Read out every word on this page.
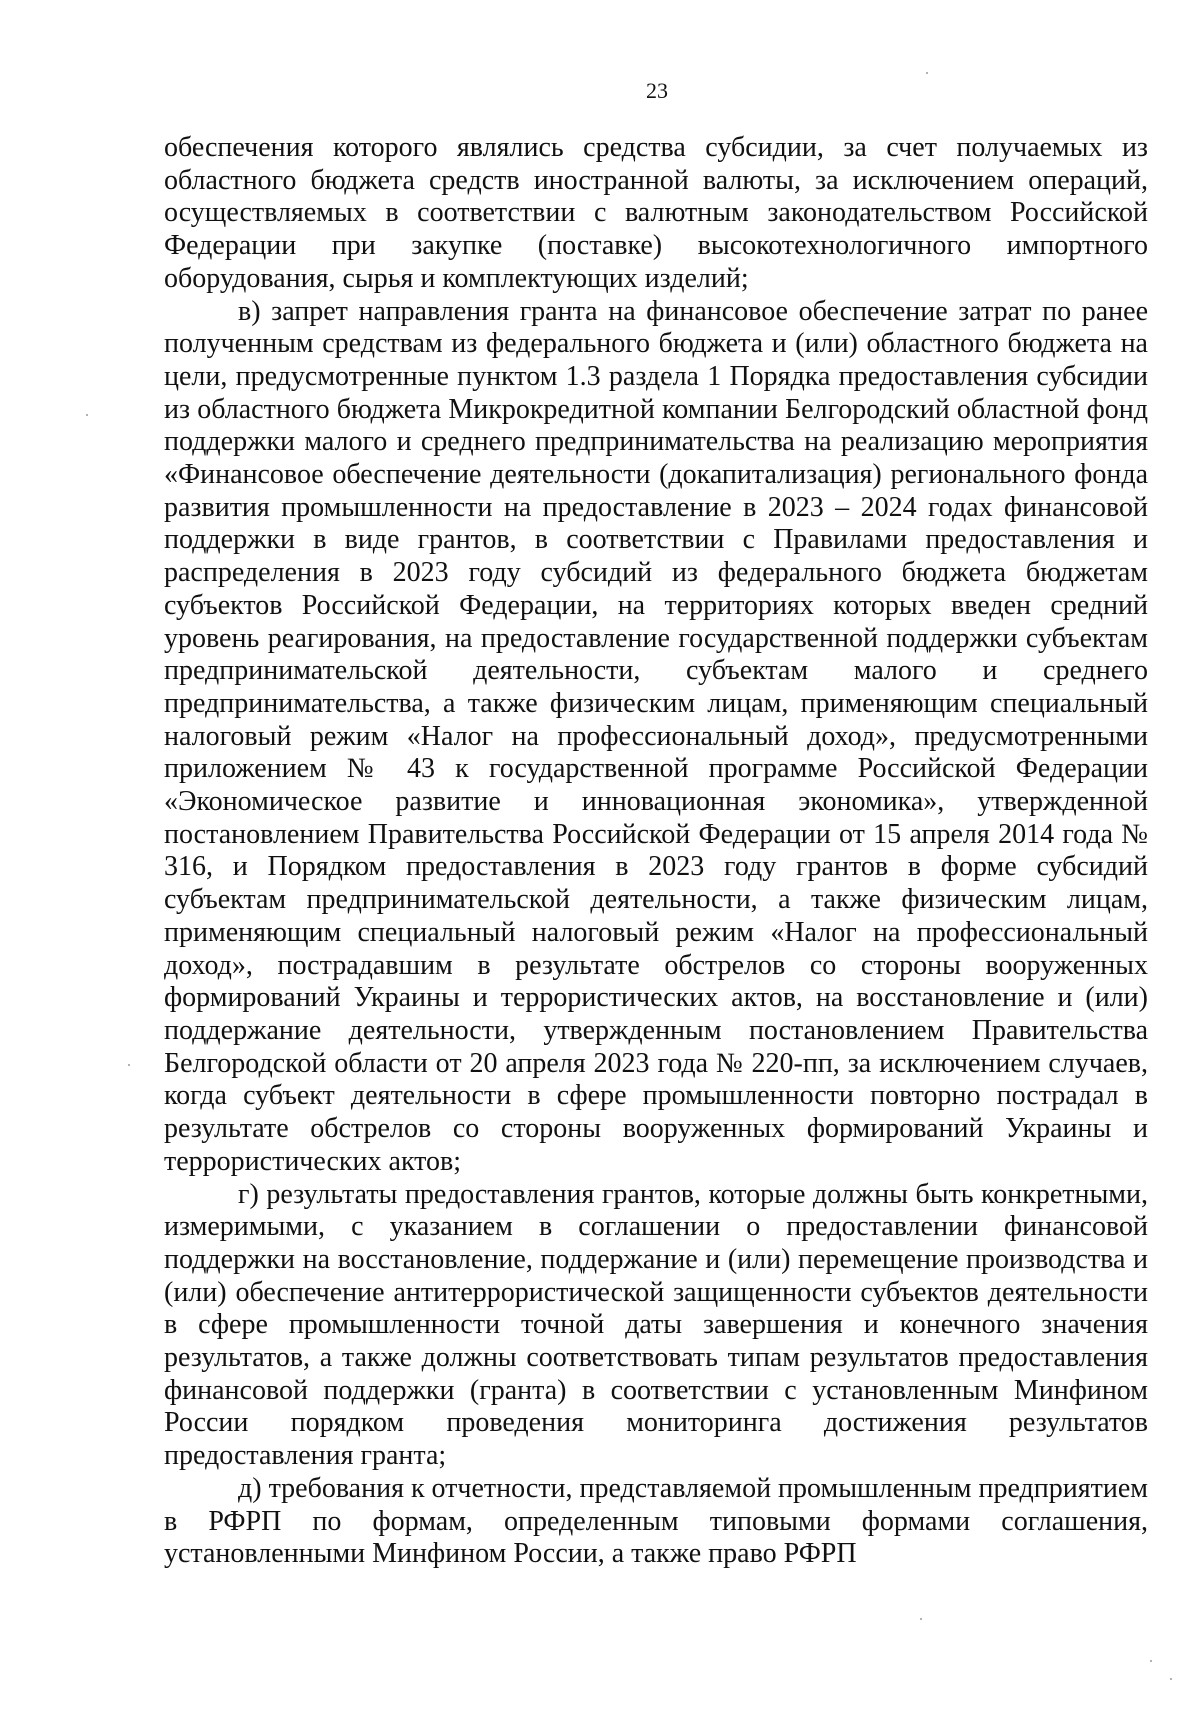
23

обеспечения которого являлись средства субсидии, за счет получаемых из областного бюджета средств иностранной валюты, за исключением операций, осуществляемых в соответствии с валютным законодательством Российской Федерации при закупке (поставке) высокотехнологичного импортного оборудования, сырья и комплектующих изделий;

в) запрет направления гранта на финансовое обеспечение затрат по ранее полученным средствам из федерального бюджета и (или) областного бюджета на цели, предусмотренные пунктом 1.3 раздела 1 Порядка предоставления субсидии из областного бюджета Микрокредитной компании Белгородский областной фонд поддержки малого и среднего предпринимательства на реализацию мероприятия «Финансовое обеспечение деятельности (докапитализация) регионального фонда развития промышленности на предоставление в 2023 – 2024 годах финансовой поддержки в виде грантов, в соответствии с Правилами предоставления и распределения в 2023 году субсидий из федерального бюджета бюджетам субъектов Российской Федерации, на территориях которых введен средний уровень реагирования, на предоставление государственной поддержки субъектам предпринимательской деятельности, субъектам малого и среднего предпринимательства, а также физическим лицам, применяющим специальный налоговый режим «Налог на профессиональный доход», предусмотренными приложением № 43 к государственной программе Российской Федерации «Экономическое развитие и инновационная экономика», утвержденной постановлением Правительства Российской Федерации от 15 апреля 2014 года № 316, и Порядком предоставления в 2023 году грантов в форме субсидий субъектам предпринимательской деятельности, а также физическим лицам, применяющим специальный налоговый режим «Налог на профессиональный доход», пострадавшим в результате обстрелов со стороны вооруженных формирований Украины и террористических актов, на восстановление и (или) поддержание деятельности, утвержденным постановлением Правительства Белгородской области от 20 апреля 2023 года № 220-пп, за исключением случаев, когда субъект деятельности в сфере промышленности повторно пострадал в результате обстрелов со стороны вооруженных формирований Украины и террористических актов;

г) результаты предоставления грантов, которые должны быть конкретными, измеримыми, с указанием в соглашении о предоставлении финансовой поддержки на восстановление, поддержание и (или) перемещение производства и (или) обеспечение антитеррористической защищенности субъектов деятельности в сфере промышленности точной даты завершения и конечного значения результатов, а также должны соответствовать типам результатов предоставления финансовой поддержки (гранта) в соответствии с установленным Минфином России порядком проведения мониторинга достижения результатов предоставления гранта;

д) требования к отчетности, представляемой промышленным предприятием в РФРП по формам, определенным типовыми формами соглашения, установленными Минфином России, а также право РФРП
